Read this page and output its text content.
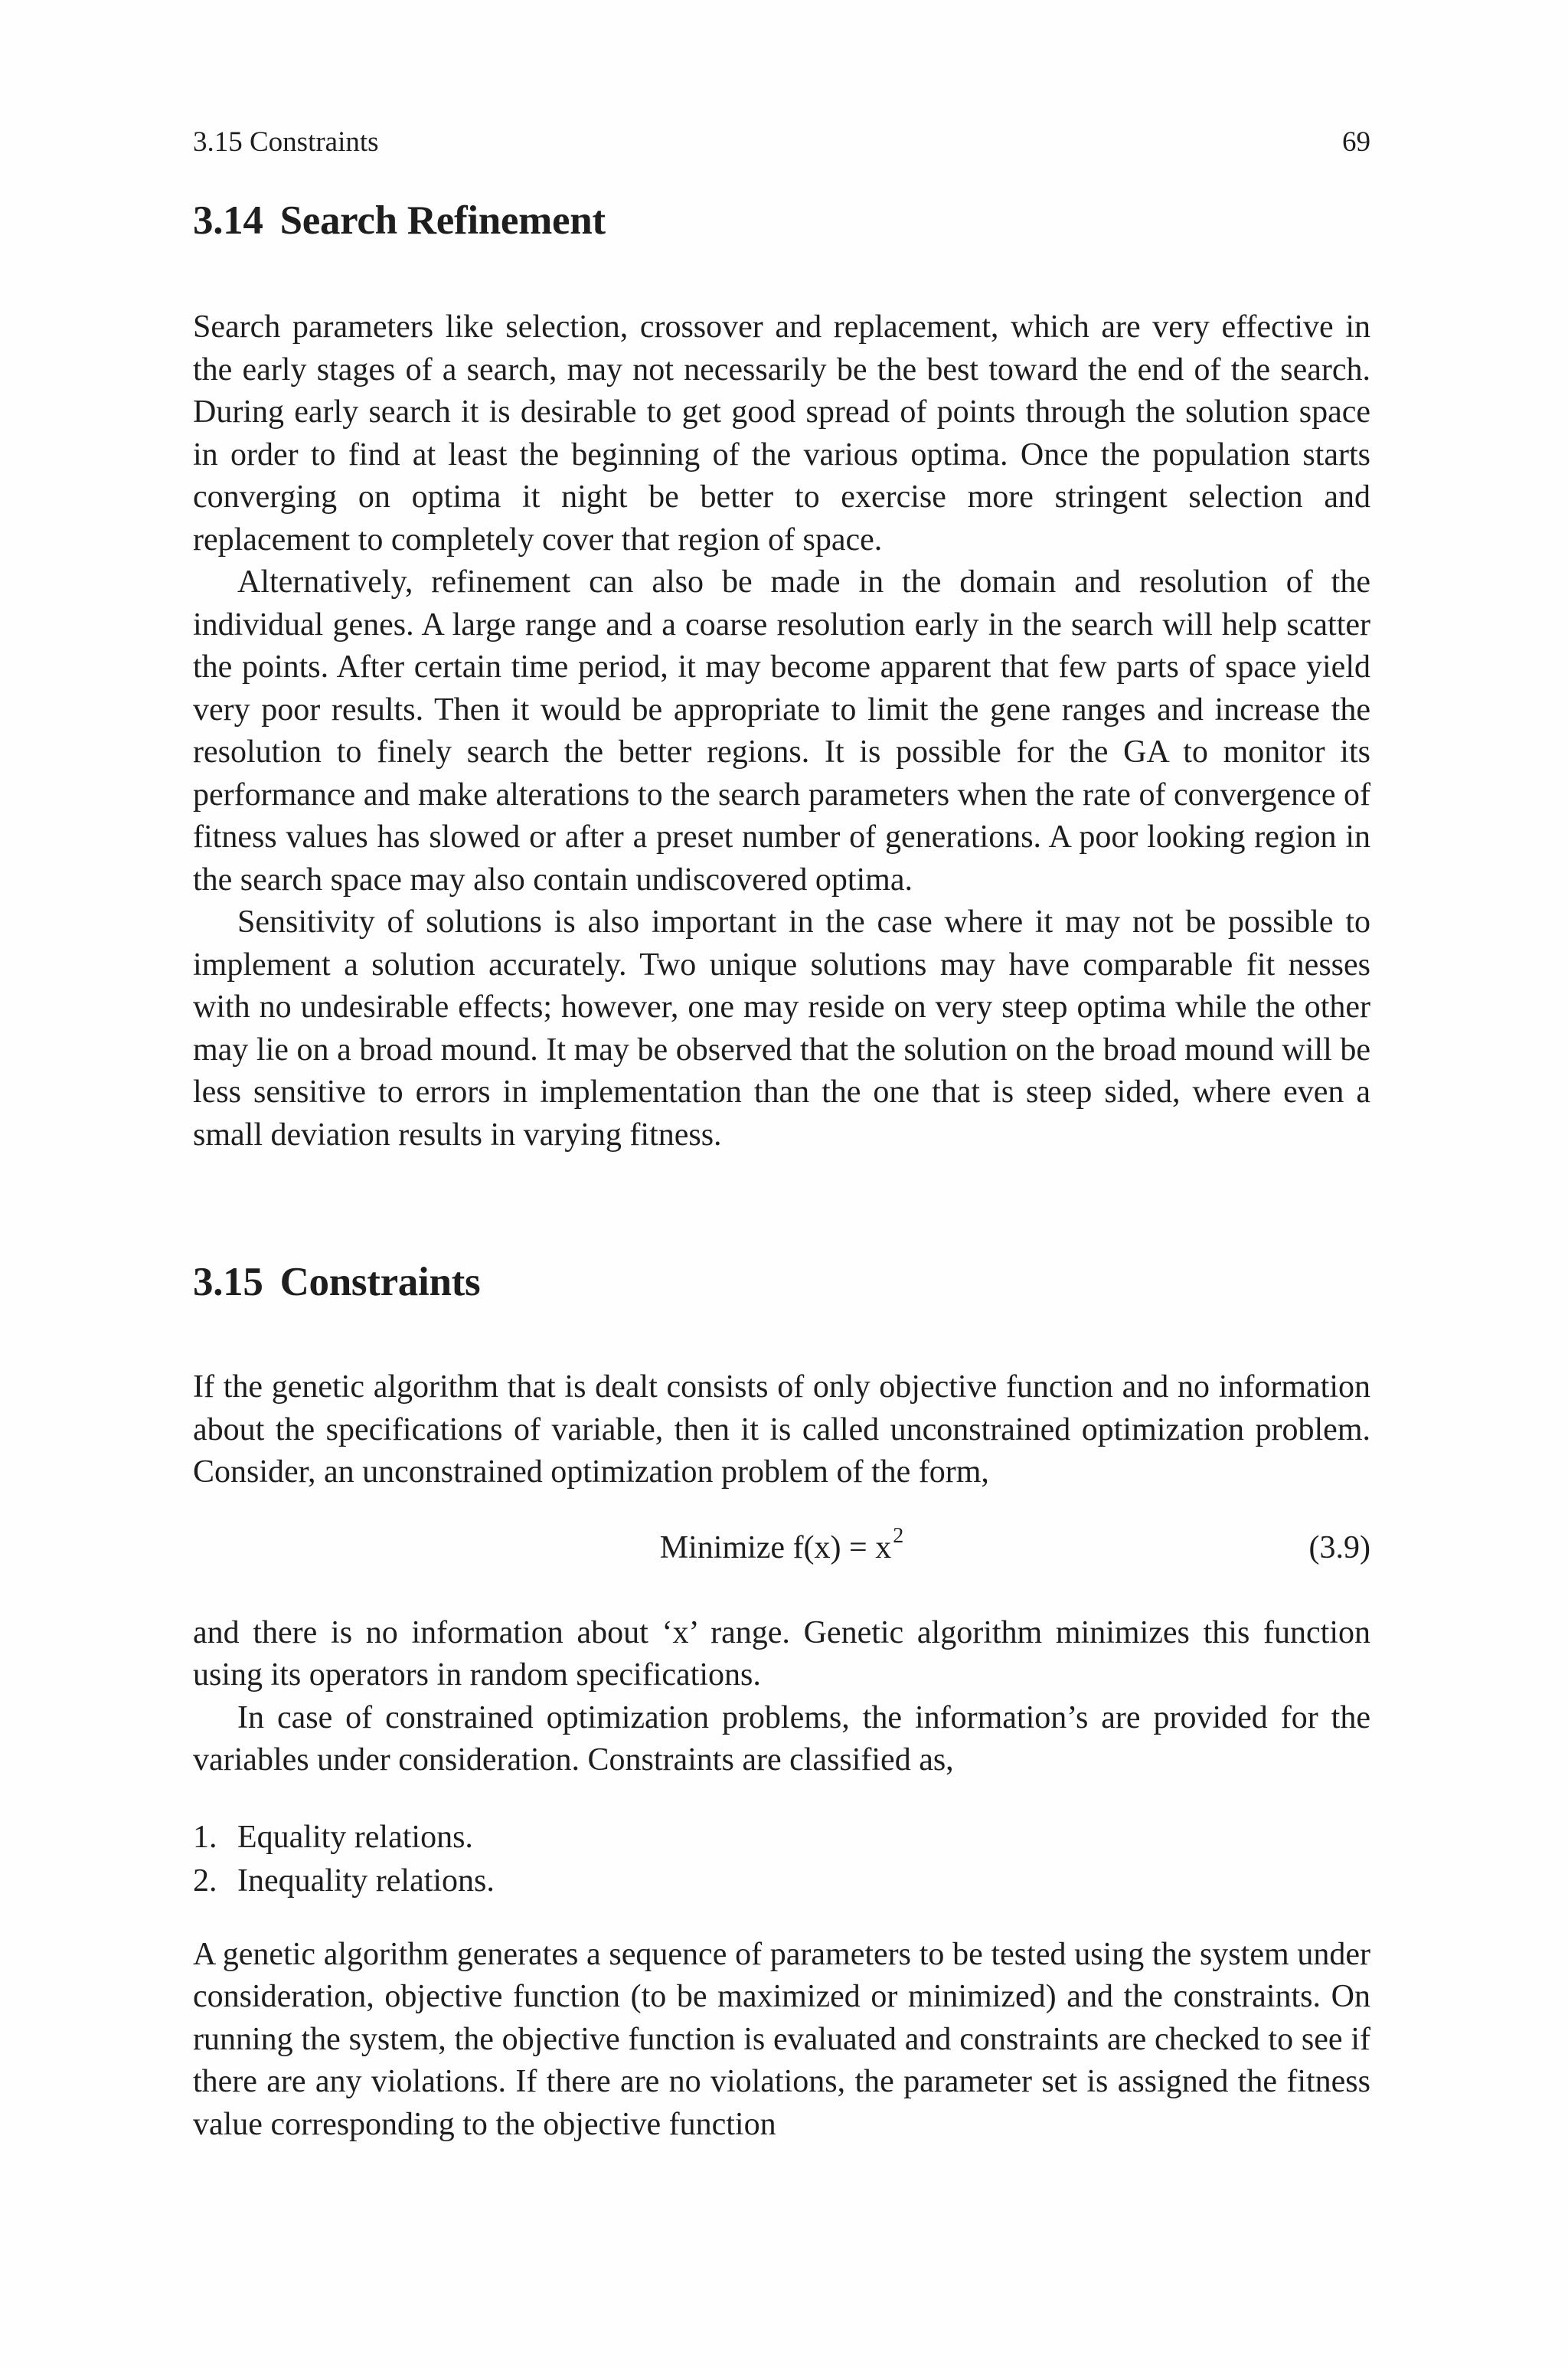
3.15 Constraints	69
3.14 Search Refinement

Search parameters like selection, crossover and replacement, which are very effective in the early stages of a search, may not necessarily be the best toward the end of the search. During early search it is desirable to get good spread of points through the solution space in order to find at least the beginning of the various optima. Once the population starts converging on optima it night be better to exercise more stringent selection and replacement to completely cover that region of space.

Alternatively, refinement can also be made in the domain and resolution of the individual genes. A large range and a coarse resolution early in the search will help scatter the points. After certain time period, it may become apparent that few parts of space yield very poor results. Then it would be appropriate to limit the gene ranges and increase the resolution to finely search the better regions. It is possible for the GA to monitor its performance and make alterations to the search parameters when the rate of convergence of fitness values has slowed or after a preset number of generations. A poor looking region in the search space may also contain undiscovered optima.

Sensitivity of solutions is also important in the case where it may not be possible to implement a solution accurately. Two unique solutions may have comparable fit nesses with no undesirable effects; however, one may reside on very steep optima while the other may lie on a broad mound. It may be observed that the solution on the broad mound will be less sensitive to errors in implementation than the one that is steep sided, where even a small deviation results in varying fitness.

3.15 Constraints

If the genetic algorithm that is dealt consists of only objective function and no information about the specifications of variable, then it is called unconstrained optimization problem. Consider, an unconstrained optimization problem of the form,

Minimize $f(x) = x^2$	(3.9)

and there is no information about ‘x’ range. Genetic algorithm minimizes this function using its operators in random specifications.

In case of constrained optimization problems, the information’s are provided for the variables under consideration. Constraints are classified as,

1. Equality relations.
2. Inequality relations.

A genetic algorithm generates a sequence of parameters to be tested using the system under consideration, objective function (to be maximized or minimized) and the constraints. On running the system, the objective function is evaluated and constraints are checked to see if there are any violations. If there are no violations, the parameter set is assigned the fitness value corresponding to the objective function
